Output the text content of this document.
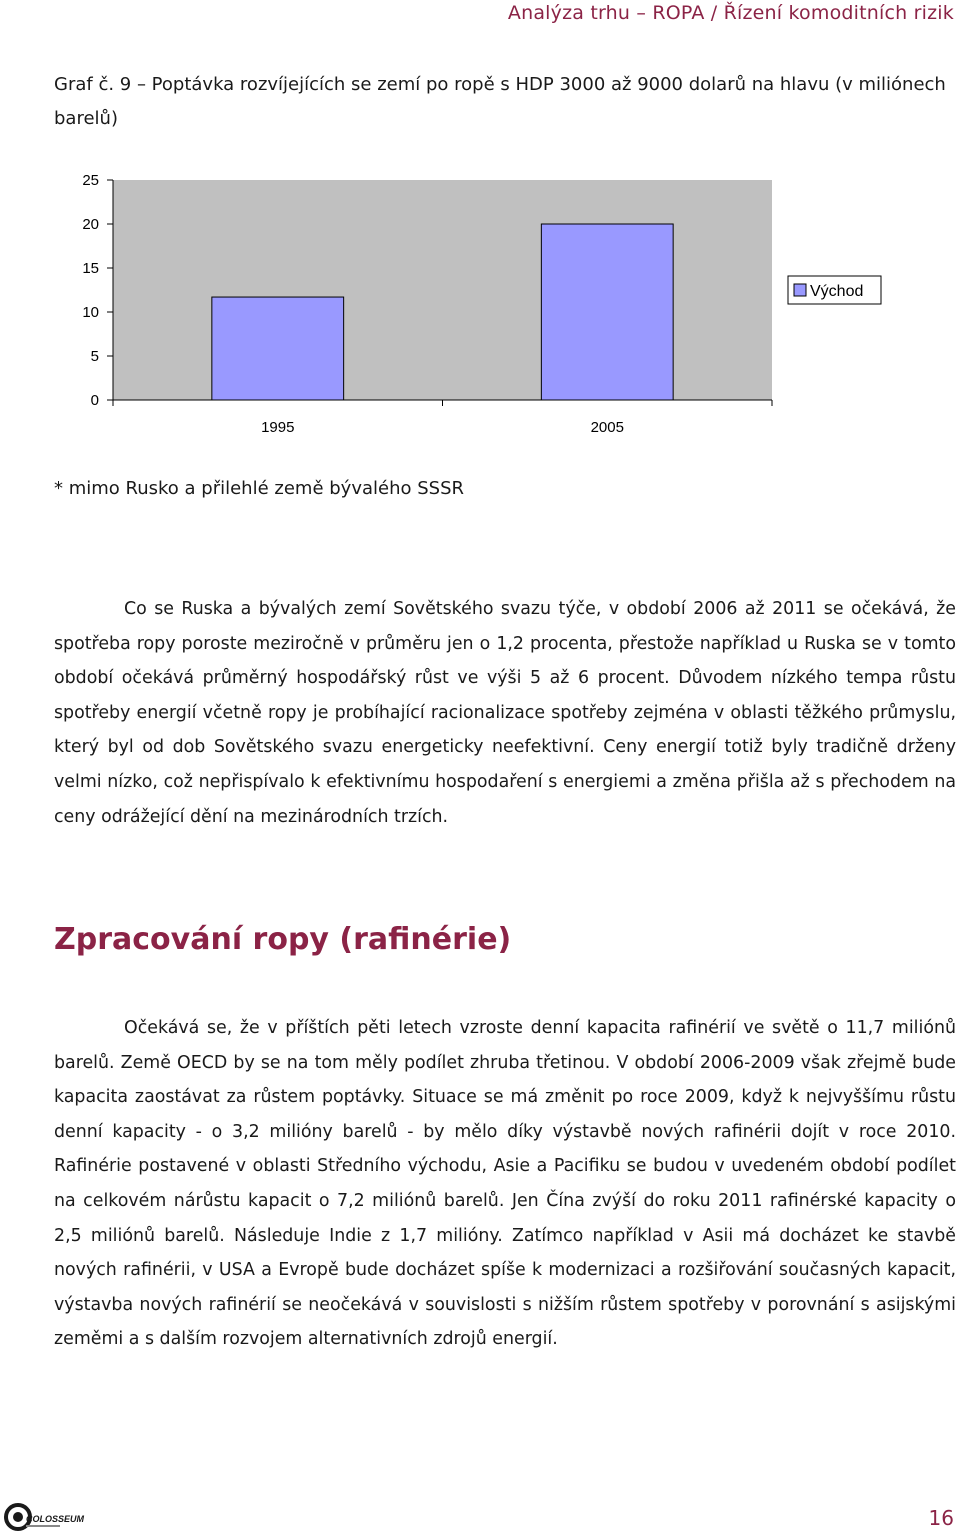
Analýza trhu – ROPA / Řízení komoditních rizik
Graf č. 9 – Poptávka rozvíjejících se zemí po ropě s HDP 3000 až 9000 dolarů na hlavu (v miliónech barelů)
0
5
10
15
20
25
1995	2005
Východ
* mimo Rusko a přilehlé země bývalého SSSR

Co se Ruska a bývalých zemí Sovětského svazu týče, v období 2006 až 2011 se očekává, že spotřeba ropy poroste meziročně v průměru jen o 1,2 procenta, přestože například u Ruska se v tomto období očekává průměrný hospodářský růst ve výši 5 až 6 procent. Důvodem nízkého tempa růstu spotřeby energií včetně ropy je probíhající racionalizace spotřeby zejména v oblasti těžkého průmyslu, který byl od dob Sovětského svazu energeticky neefektivní. Ceny energií totiž byly tradičně drženy velmi nízko, což nepřispívalo k efektivnímu hospodaření s energiemi a změna přišla až s přechodem na ceny odrážející dění na mezinárodních trzích.

Zpracování ropy (rafinérie)

Očekává se, že v příštích pěti letech vzroste denní kapacita rafinérií ve světě o 11,7 miliónů barelů. Země OECD by se na tom měly podílet zhruba třetinou. V období 2006-2009 však zřejmě bude kapacita zaostávat za růstem poptávky. Situace se má změnit po roce 2009, když k nejvyššímu růstu denní kapacity - o 3,2 milióny barelů - by mělo díky výstavbě nových rafinérii dojít v roce 2010. Rafinérie postavené v oblasti Středního východu, Asie a Pacifiku se budou v uvedeném období podílet na celkovém nárůstu kapacit o 7,2 miliónů barelů. Jen Čína zvýší do roku 2011 rafinérské kapacity o 2,5 miliónů barelů. Následuje Indie z 1,7 milióny. Zatímco například v Asii má docházet ke stavbě nových rafinérii, v USA a Evropě bude docházet spíše k modernizaci a rozšiřování současných kapacit, výstavba nových rafinérií se neočekává v souvislosti s nižším růstem spotřeby v porovnání s asijskými zeměmi a s dalším rozvojem alternativních zdrojů energií.

COLOSSEUM	16
